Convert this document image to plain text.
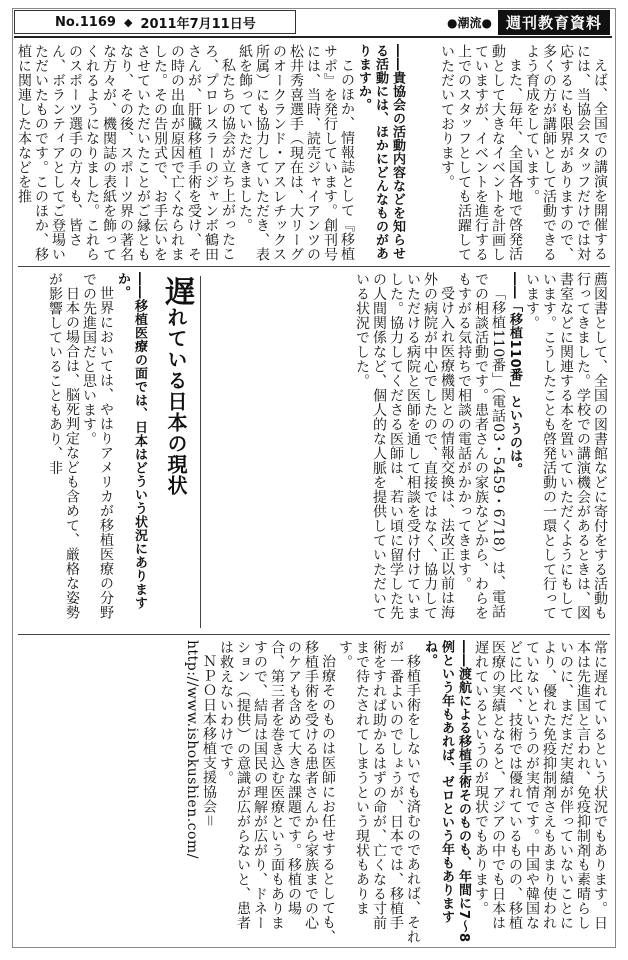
No.1169 ◆ 2011年7月11日号	●潮流● 週刊教育資料

えば、全国での講演を開催するには、当協会スタッフだけでは対応するにも限界がありますので、多くの方が講師として活動できるよう育成をしています。

また、毎年、全国各地で啓発活動として大きなイベントを計画していますが、イベントを進行する上でのスタッフとしても活躍していただいております。

――貴協会の活動内容などを知らせる活動には、ほかにどんなものがありますか。

このほか、情報誌として『移植サポ』を発行しています。創刊号には、当時、読売ジャイアンツの松井秀喜選手（現在は、大リーグのオークランド・アスレチックス所属）にも協力していただき、表紙を飾っていただきました。

私たちの協会が立ち上がったころ、プロレスラーのジャンボ鶴田さんが、肝臓移植手術を受け、その時の出血が原因で亡くなられました。その告別式で、お手伝いをさせていただいたことがご縁ともなり、その後、スポーツ界の著名な方々が、機関誌の表紙を飾ってくれるようになりました。これらのスポーツ選手の方々も、皆さん、ボランティアとしてご登場いただいたものです。このほか、移植に関連した本などを推

薦図書として、全国の図書館などに寄付をする活動も行ってきました。学校での講演機会があるときは、図書室などに関連する本を置いていただくようにもしています。こうしたことも啓発活動の一環として行っています。

――「移植110番」というのは。

「移植110番」（電話03・5459・6718）は、電話での相談活動です。患者さんの家族などから、わらをもすがる気持ちで相談の電話がかかってきます。

受け入れ医療機関との情報交換は、法改正以前は海外の病院が中心でしたので、直接ではなく、協力していただける病院と医師を通して相談を受け付けていました。協力してくださる医師は、若い頃に留学した先の人間関係など、個人的な人脈を提供していただいている状況でした。

遅れている日本の現状

――移植医療の面では、日本はどういう状況にありますか。

世界においては、やはりアメリカが移植医療の分野での先進国だと思います。

日本の場合は、脳死判定なども含めて、厳格な姿勢が影響していることもあり、非

常に遅れているという状況でもあります。日本は先進国と言われ、免疫抑制剤も素晴らしいのに、まだまだ実績が伴っていないことにより、優れた免疫抑制剤さえもあまり使われていないというのが実情です。中国や韓国などに比べ、技術では優れているものの、移植医療の実績となると、アジアの中でも日本は遅れているというのが現状でもあります。

――渡航による移植手術そのものも、年間に7～8例という年もあれば、ゼロという年もありますね。

移植手術をしないでも済むのであれば、それが一番よいのでしょうが、日本では、移植手術をすれば助かるはずの命が、亡くなる寸前まで待たされてしまうという現状もあります。

治療そのものは医師にお任せするとしても、移植手術を受ける患者さんから家族までの心のケアも含めて大きな課題です。移植の場合、第三者を巻き込む医療という面もありますので、結局は国民の理解が広がり、ドネーション（提供）の意識が広がらないと、患者は救えないわけです。

ＮＰＯ日本移植支援協会＝http://www.ishokushien.com/
